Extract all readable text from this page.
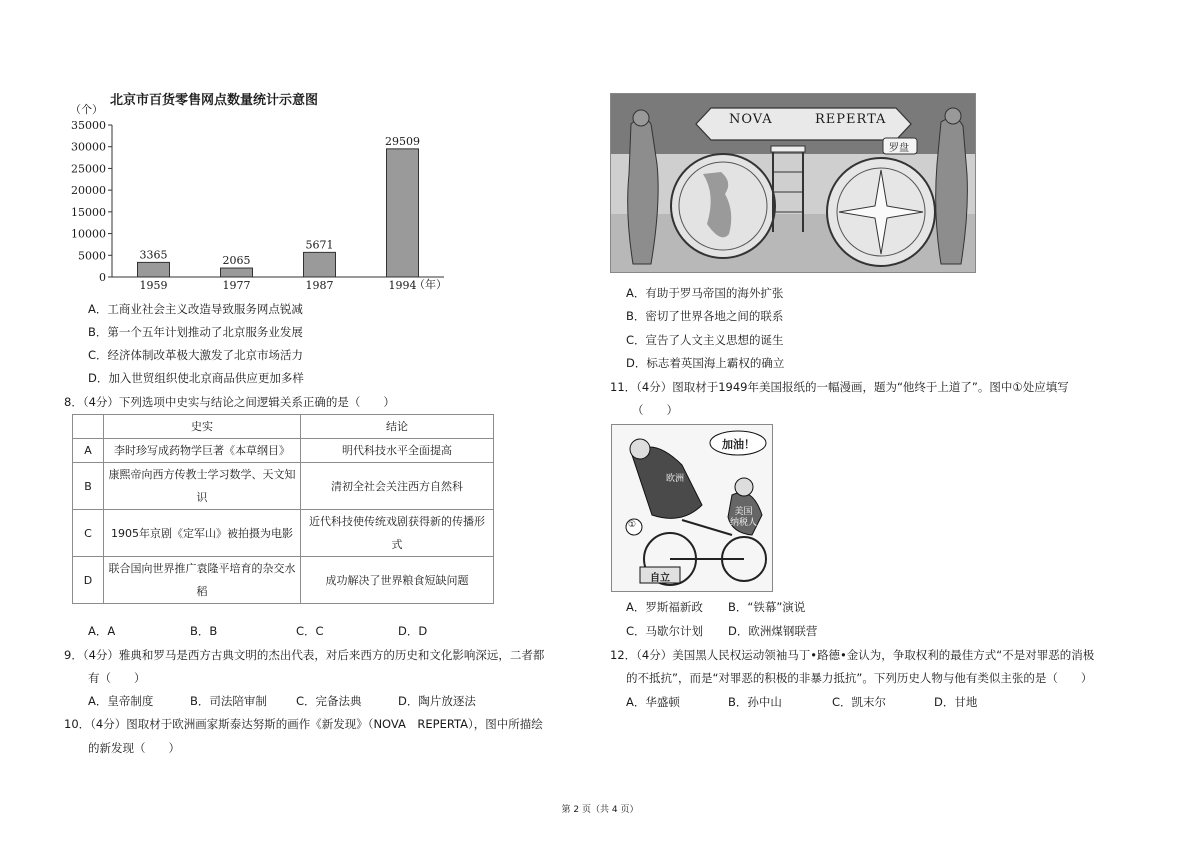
北京市百货零售网点数量统计示意图
（个）
35000
30000
25000
20000
15000
10000
5000
0
3365
1959
2065
1977
5671
1987
29509
1994
（年）
A．工商业社会主义改造导致服务网点锐减
B．第一个五年计划推动了北京服务业发展
C．经济体制改革极大激发了北京市场活力
D．加入世贸组织使北京商品供应更加多样
8．（4分）下列选项中史实与结论之间逻辑关系正确的是（　　）
	史实	结论
A	李时珍写成药物学巨著《本草纲目》	明代科技水平全面提高
B	康熙帝向西方传教士学习数学、天文知识	清初全社会关注西方自然科
C	1905年京剧《定军山》被拍摄为电影	近代科技使传统戏剧获得新的传播形式
D	联合国向世界推广袁隆平培育的杂交水稻	成功解决了世界粮食短缺问题
A．A	B．B	C．C	D．D
9．（4分）雅典和罗马是西方古典文明的杰出代表，对后来西方的历史和文化影响深远，二者都
有（　　）
A．皇帝制度	B．司法陪审制	C．完备法典	D．陶片放逐法
10．（4分）图取材于欧洲画家斯泰达努斯的画作《新发现》（NOVA　REPERTA），图中所描绘
的新发现（　　）
NOVA	REPERTA
罗盘
A．有助于罗马帝国的海外扩张
B．密切了世界各地之间的联系
C．宣告了人文主义思想的诞生
D．标志着英国海上霸权的确立
11．（4分）图取材于1949年美国报纸的一幅漫画，题为“他终于上道了”。图中①处应填写
（　　）
加油！
美国
纳税人
自立
①
欧洲
A．罗斯福新政 B．“铁幕”演说
C．马歇尔计划 D．欧洲煤钢联营
12．（4分）美国黑人民权运动领袖马丁•路德•金认为，争取权利的最佳方式“不是对罪恶的消极
的不抵抗”，而是“对罪恶的积极的非暴力抵抗”。下列历史人物与他有类似主张的是（　　）
A．华盛顿	B．孙中山	C．凯末尔	D．甘地
第 2 页（共 4 页）
